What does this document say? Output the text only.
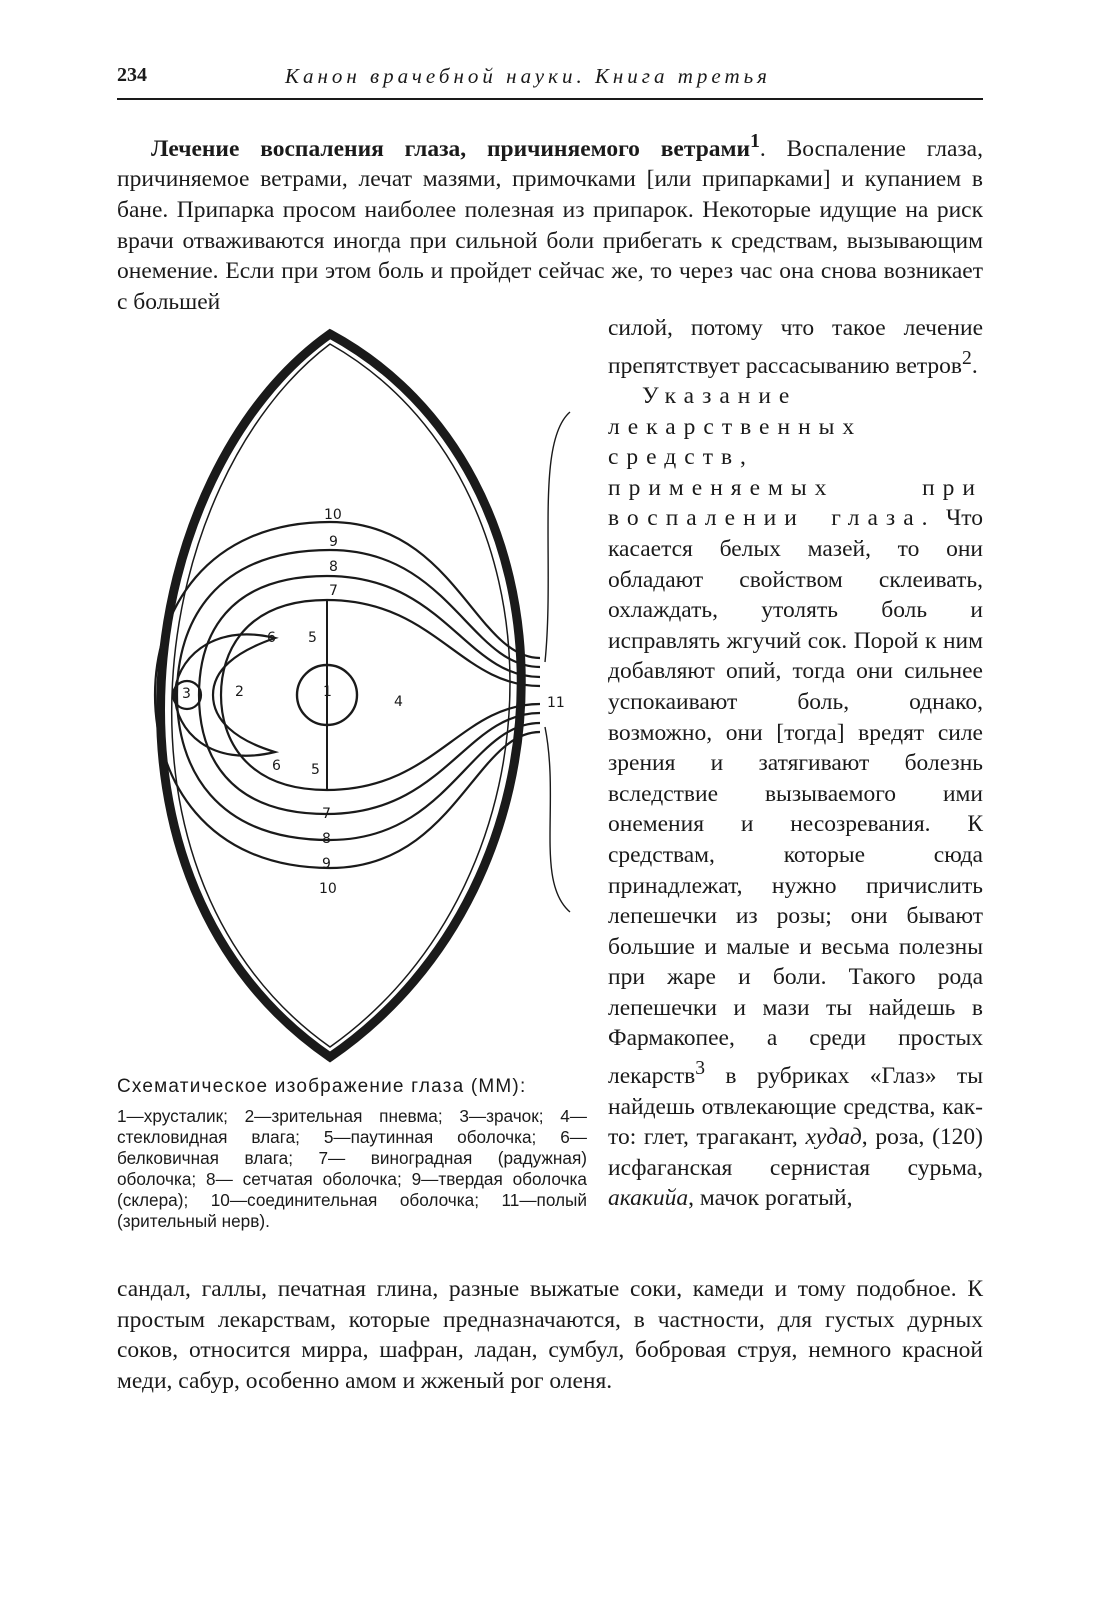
234	Канон врачебной науки. Книга третья

Лечение воспаления глаза, причиняемого ветрами$^1$. Воспаление глаза, причиняемое ветрами, лечат мазями, примочками [или припарками] и купанием в бане. Припарка просом наиболее полезная из припарок. Некоторые идущие на риск врачи отваживаются иногда при сильной боли прибегать к средствам, вызывающим онемение. Если при этом боль и пройдет сейчас же, то через час она снова возникает с большей

силой, потому что такое лечение препятствует рассасыванию ветров$^2$.

Указание лекарственных средств, применяемых при воспалении глаза. Что касается белых мазей, то они обладают свойством склеивать, охлаждать, утолять боль и исправлять жгучий сок. Порой к ним добавляют опий, тогда они сильнее успокаивают боль, однако, возможно, они [тогда] вредят силе зрения и затягивают болезнь вследствие вызываемого ими онемения и несозревания. К средствам, которые сюда принадлежат, нужно причислить лепешечки из розы; они бывают большие и малые и весьма полезны при жаре и боли. Такого рода лепешечки и мази ты найдешь в Фармакопее, а среди простых лекарств$^3$ в рубриках «Глаз» ты найдешь отвлекающие средства, как-то: глет, трагакант, худад, роза, (120) исфаганская сернистая сурьма, акакийа, мачок рогатый,

10
9
8
7
6 5
1
2
3	4
6 5
7
8
9
10
11
Схематическое изображение глаза (ММ):
1—хрусталик; 2—зрительная пневма; 3—зрачок; 4—стекловидная влага; 5—паутинная оболочка; 6—белковичная влага; 7— виноградная (радужная) оболочка; 8— сетчатая оболочка; 9—твердая оболочка (склера); 10—соединительная оболочка; 11—полый (зрительный нерв).

сандал, галлы, печатная глина, разные выжатые соки, камеди и тому подобное. К простым лекарствам, которые предназначаются, в частности, для густых дурных соков, относится мирра, шафран, ладан, сумбул, бобровая струя, немного красной меди, сабур, особенно амом и жженый рог оленя.
